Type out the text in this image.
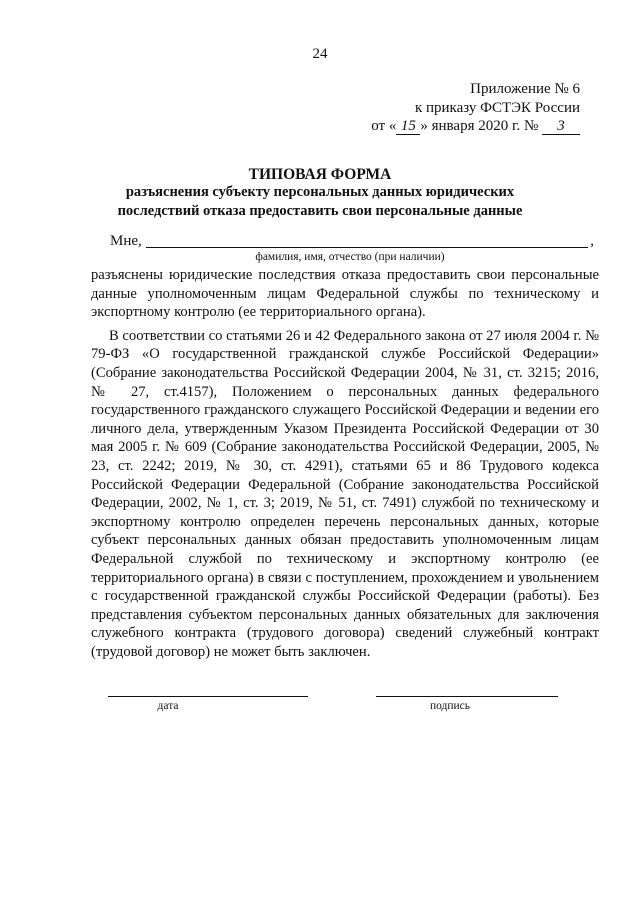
24
Приложение № 6
к приказу ФСТЭК России
от « 15 » января 2020 г. № 3
ТИПОВАЯ ФОРМА
разъяснения субъекту персональных данных юридических последствий отказа предоставить свои персональные данные
Мне,	,
фамилия, имя, отчество (при наличии)

разъяснены юридические последствия отказа предоставить свои персональные данные уполномоченным лицам Федеральной службы по техническому и экспортному контролю (ее территориального органа).

В соответствии со статьями 26 и 42 Федерального закона от 27 июля 2004 г. № 79-ФЗ «О государственной гражданской службе Российской Федерации» (Собрание законодательства Российской Федерации 2004, № 31, ст. 3215; 2016, № 27, ст.4157), Положением о персональных данных федерального государственного гражданского служащего Российской Федерации и ведении его личного дела, утвержденным Указом Президента Российской Федерации от 30 мая 2005 г. № 609 (Собрание законодательства Российской Федерации, 2005, № 23, ст. 2242; 2019, № 30, ст. 4291), статьями 65 и 86 Трудового кодекса Российской Федерации Федеральной (Собрание законодательства Российской Федерации, 2002, № 1, ст. 3; 2019, № 51, ст. 7491) службой по техническому и экспортному контролю определен перечень персональных данных, которые субъект персональных данных обязан предоставить уполномоченным лицам Федеральной службой по техническому и экспортному контролю (ее территориального органа) в связи с поступлением, прохождением и увольнением с государственной гражданской службы Российской Федерации (работы). Без представления субъектом персональных данных обязательных для заключения служебного контракта (трудового договора) сведений служебный контракт (трудовой договор) не может быть заключен.

дата	подпись
